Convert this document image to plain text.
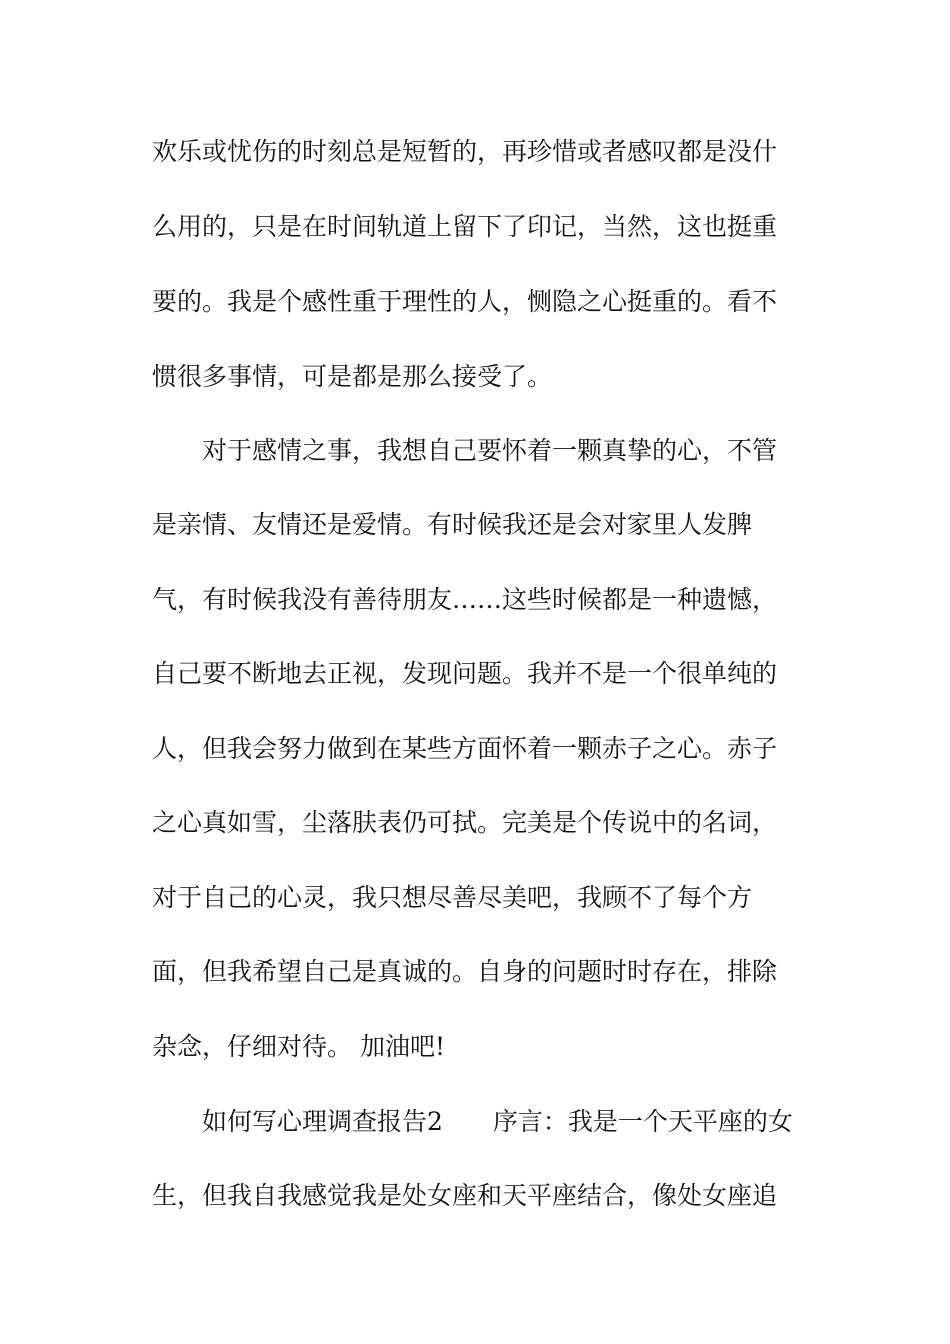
欢乐或忧伤的时刻总是短暂的，再珍惜或者感叹都是没什
么用的，只是在时间轨道上留下了印记，当然，这也挺重
要的。我是个感性重于理性的人，恻隐之心挺重的。看不
惯很多事情，可是都是那么接受了。
对于感情之事，我想自己要怀着一颗真挚的心，不管
是亲情、友情还是爱情。有时候我还是会对家里人发脾
气，有时候我没有善待朋友……这些时候都是一种遗憾，
自己要不断地去正视，发现问题。我并不是一个很单纯的
人，但我会努力做到在某些方面怀着一颗赤子之心。赤子
之心真如雪，尘落肤表仍可拭。完美是个传说中的名词，
对于自己的心灵，我只想尽善尽美吧，我顾不了每个方
面，但我希望自己是真诚的。自身的问题时时存在，排除
杂念，仔细对待。 加油吧!
如何写心理调查报告2　　序言：我是一个天平座的女
生，但我自我感觉我是处女座和天平座结合，像处女座追
